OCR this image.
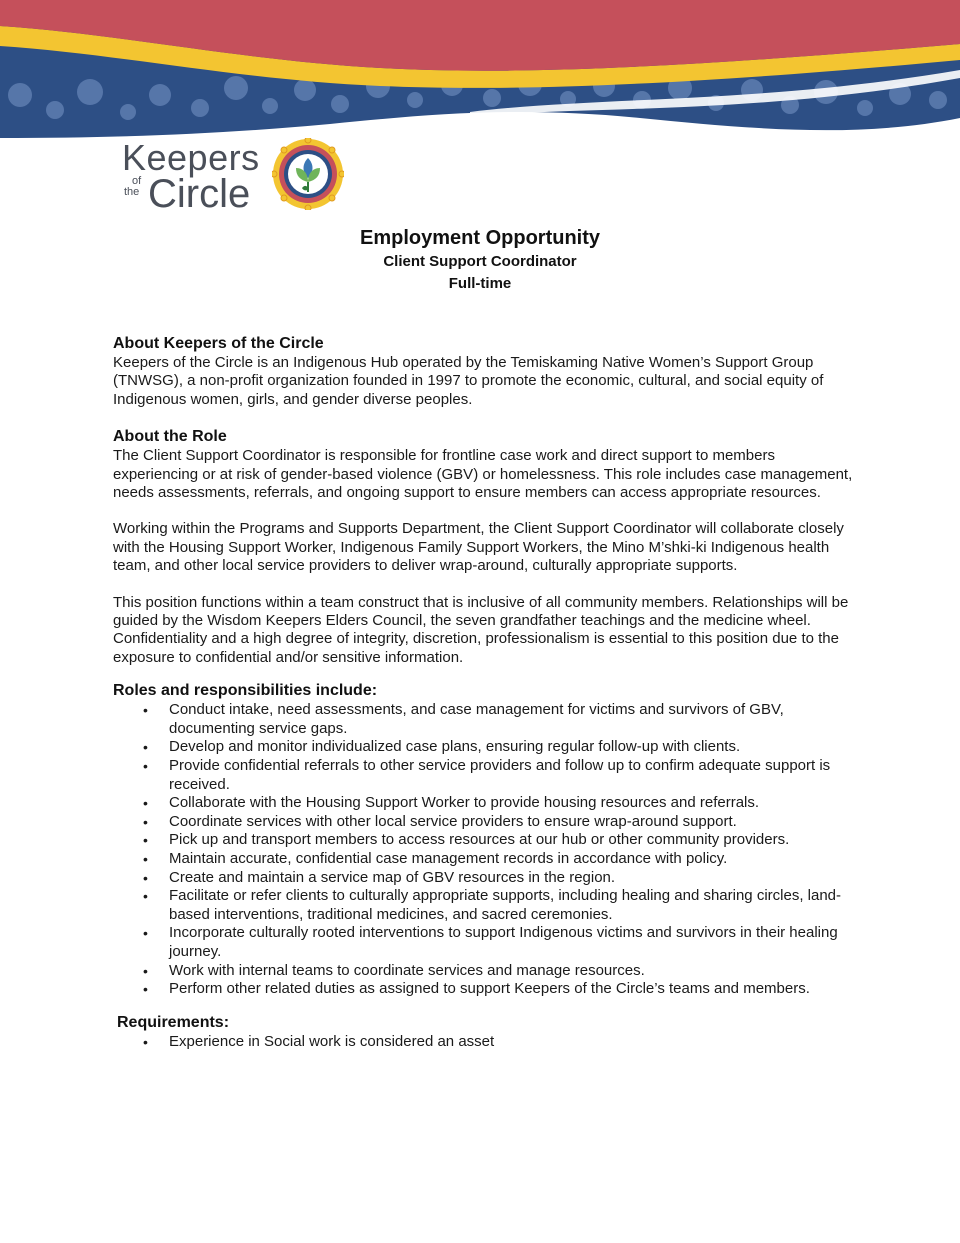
Keepers
of
the Circle
Employment Opportunity
Client Support Coordinator
Full-time
About Keepers of the Circle

Keepers of the Circle is an Indigenous Hub operated by the Temiskaming Native Women’s Support Group (TNWSG), a non-profit organization founded in 1997 to promote the economic, cultural, and social equity of Indigenous women, girls, and gender diverse peoples.

About the Role

The Client Support Coordinator is responsible for frontline case work and direct support to members experiencing or at risk of gender-based violence (GBV) or homelessness. This role includes case management, needs assessments, referrals, and ongoing support to ensure members can access appropriate resources.

Working within the Programs and Supports Department, the Client Support Coordinator will collaborate closely with the Housing Support Worker, Indigenous Family Support Workers, the Mino M’shki-ki Indigenous health team, and other local service providers to deliver wrap-around, culturally appropriate supports.

This position functions within a team construct that is inclusive of all community members. Relationships will be guided by the Wisdom Keepers Elders Council, the seven grandfather teachings and the medicine wheel. Confidentiality and a high degree of integrity, discretion, professionalism is essential to this position due to the exposure to confidential and/or sensitive information.

Roles and responsibilities include:
• Conduct intake, need assessments, and case management for victims and survivors of GBV, documenting service gaps.
• Develop and monitor individualized case plans, ensuring regular follow-up with clients.
• Provide confidential referrals to other service providers and follow up to confirm adequate support is received.
• Collaborate with the Housing Support Worker to provide housing resources and referrals.
• Coordinate services with other local service providers to ensure wrap-around support.
• Pick up and transport members to access resources at our hub or other community providers.
• Maintain accurate, confidential case management records in accordance with policy.
• Create and maintain a service map of GBV resources in the region.
• Facilitate or refer clients to culturally appropriate supports, including healing and sharing circles, land-based interventions, traditional medicines, and sacred ceremonies.
• Incorporate culturally rooted interventions to support Indigenous victims and survivors in their healing journey.
• Work with internal teams to coordinate services and manage resources.
• Perform other related duties as assigned to support Keepers of the Circle’s teams and members.
Requirements:
• Experience in Social work is considered an asset
